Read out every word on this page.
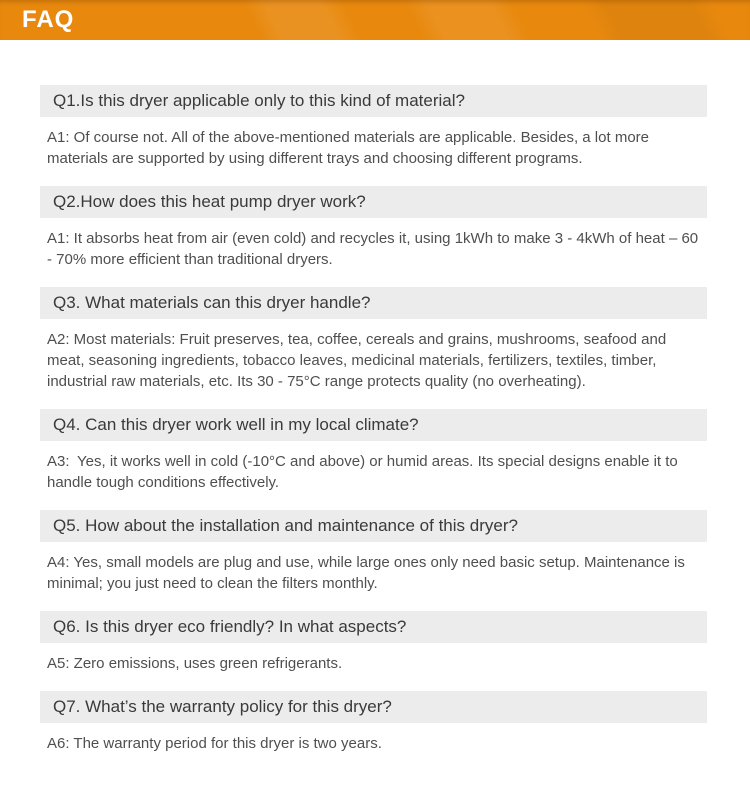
FAQ
Q1.Is this dryer applicable only to this kind of material?

A1: Of course not. All of the above-mentioned materials are applicable. Besides, a lot more materials are supported by using different trays and choosing different programs.

Q2.How does this heat pump dryer work?

A1: It absorbs heat from air (even cold) and recycles it, using 1kWh to make 3 - 4kWh of heat – 60 - 70% more efficient than traditional dryers.

Q3. What materials can this dryer handle?

A2: Most materials: Fruit preserves, tea, coffee, cereals and grains, mushrooms, seafood and meat, seasoning ingredients, tobacco leaves, medicinal materials, fertilizers, textiles, timber, industrial raw materials, etc. Its 30 - 75°C range protects quality (no overheating).

Q4. Can this dryer work well in my local climate?

A3: Yes, it works well in cold (-10°C and above) or humid areas. Its special designs enable it to handle tough conditions effectively.

Q5. How about the installation and maintenance of this dryer?

A4: Yes, small models are plug and use, while large ones only need basic setup. Maintenance is minimal; you just need to clean the filters monthly.

Q6. Is this dryer eco friendly? In what aspects?

A5: Zero emissions, uses green refrigerants.

Q7. What’s the warranty policy for this dryer?

A6: The warranty period for this dryer is two years.
